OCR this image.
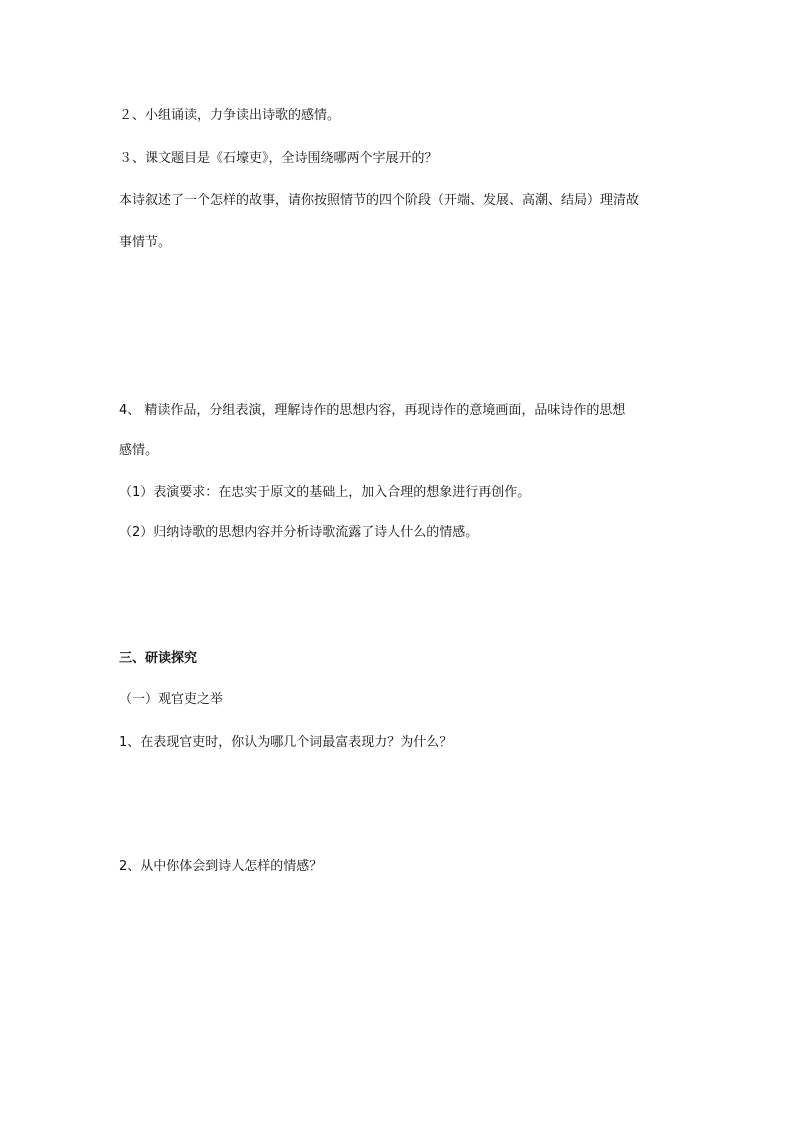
２、小组诵读，力争读出诗歌的感情。
３、课文题目是《石壕吏》，全诗围绕哪两个字展开的？
本诗叙述了一个怎样的故事，请你按照情节的四个阶段（开端、发展、高潮、结局）理清故
事情节。
4、 精读作品，分组表演，理解诗作的思想内容，再现诗作的意境画面，品味诗作的思想
感情。
（1）表演要求：在忠实于原文的基础上，加入合理的想象进行再创作。
（2）归纳诗歌的思想内容并分析诗歌流露了诗人什么的情感。
三、研读探究
（一）观官吏之举
1、在表现官吏时，你认为哪几个词最富表现力？为什么？
2、从中你体会到诗人怎样的情感？
